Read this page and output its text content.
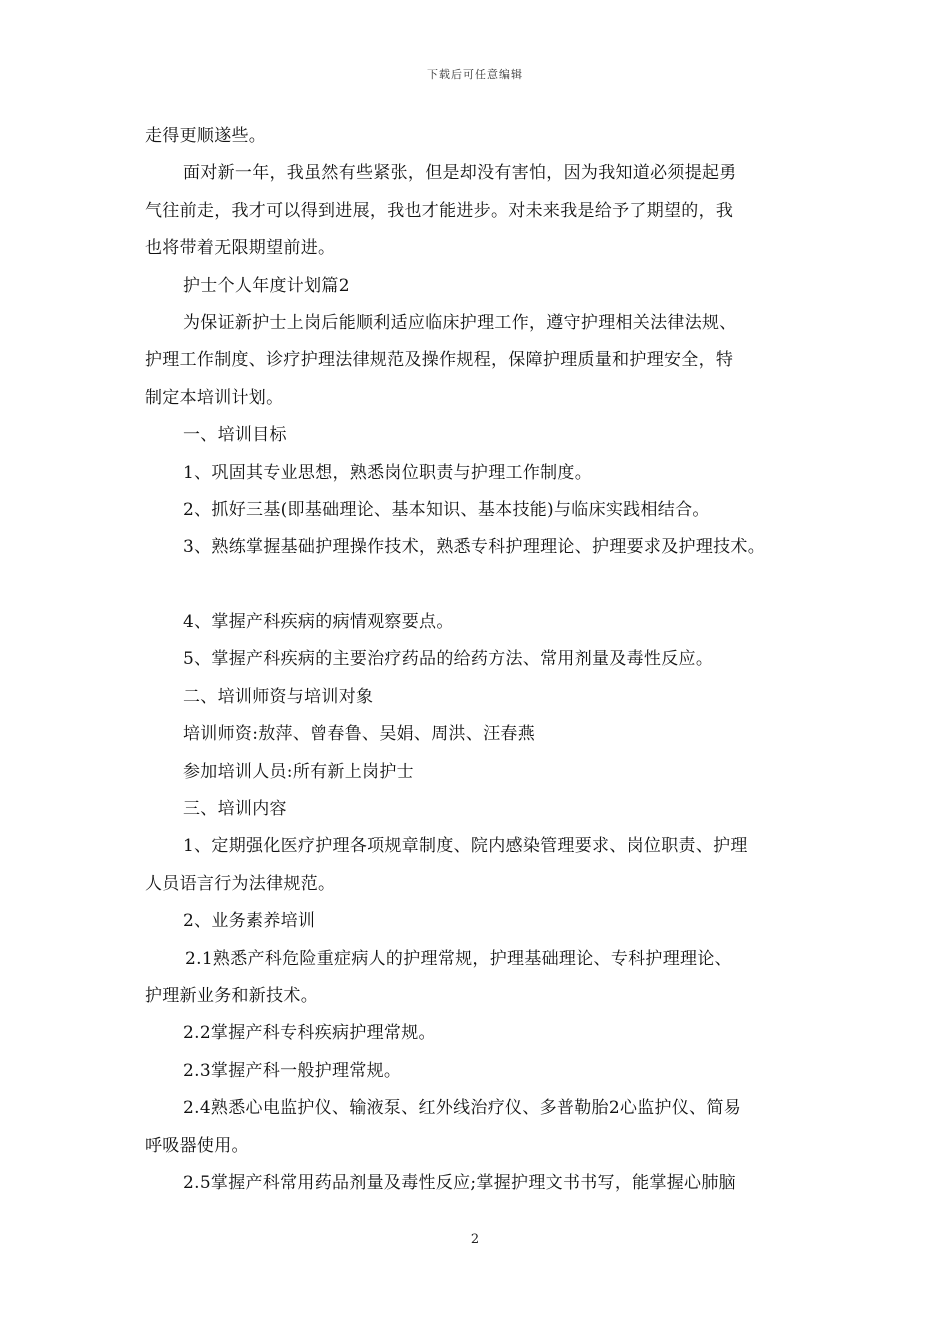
下载后可任意编辑
走得更顺遂些。
面对新一年，我虽然有些紧张，但是却没有害怕，因为我知道必须提起勇
气往前走，我才可以得到进展，我也才能进步。对未来我是给予了期望的，我
也将带着无限期望前进。
护士个人年度计划篇2
为保证新护士上岗后能顺利适应临床护理工作，遵守护理相关法律法规、
护理工作制度、诊疗护理法律规范及操作规程，保障护理质量和护理安全，特
制定本培训计划。
一、培训目标
1、巩固其专业思想，熟悉岗位职责与护理工作制度。
2、抓好三基(即基础理论、基本知识、基本技能)与临床实践相结合。
3、熟练掌握基础护理操作技术，熟悉专科护理理论、护理要求及护理技术。
4、掌握产科疾病的病情观察要点。
5、掌握产科疾病的主要治疗药品的给药方法、常用剂量及毒性反应。
二、培训师资与培训对象
培训师资:敖萍、曾春鲁、吴娟、周洪、汪春燕
参加培训人员:所有新上岗护士
三、培训内容
1、定期强化医疗护理各项规章制度、院内感染管理要求、岗位职责、护理
人员语言行为法律规范。
2、业务素养培训
2.1熟悉产科危险重症病人的护理常规，护理基础理论、专科护理理论、
护理新业务和新技术。
2.2掌握产科专科疾病护理常规。
2.3掌握产科一般护理常规。
2.4熟悉心电监护仪、输液泵、红外线治疗仪、多普勒胎2心监护仪、简易
呼吸器使用。
2.5掌握产科常用药品剂量及毒性反应;掌握护理文书书写，能掌握心肺脑
2
